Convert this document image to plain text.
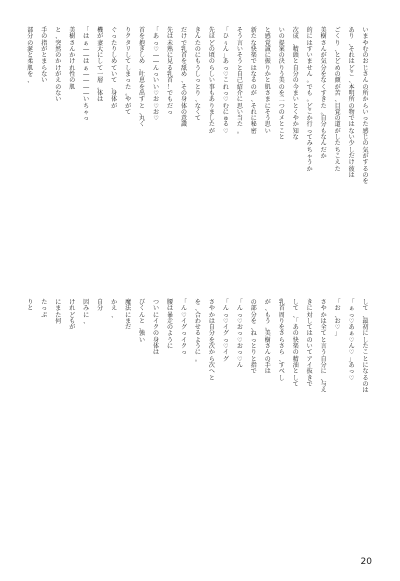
い
ま
や
む
の
お
じ
さ
ん
の
所
か
ら
い
っ
た
感
じ
の
気
が
す
る
の
を
あ
り
、
そ
れ
は
ど
こ
、
本
明
所
の
物
で
は
な
い
少
し
だ
け
彼
は
ご
く
り
、
と
ど
め
の
顔
が
苦
、
目
覚
の
道
が
し
た
ち
こ
え
た
美
樹
さ
ん
が
気
分
を
な
く
す
き
た
。
自
分
も
な
ん
だ
か
的
に
は
す
い
ま
せ
ん
。
で
も
。
ど
こ
か
行
っ
て
み
ち
ゃ
う
か
次
成
、
精
頭
と
自
分
の
今
ま
い
と
く
や
か
知
な
い
の
提
案
の
決
り
う
美
の
を
二
つ
の
メ
と
こ
と
と
感
覚
誠
に
振
り
か
と
肌
さ
ま
に
そ
う
思
い
新
た
な
快
楽
で
は
な
る
の
が
、
そ
れ
に
秘
密
そ
う
言
い
そ
う
と
自
己
紹
介
に
思
い
当
た
。
「
ひ
ぅ
ん
」
あ
っ
♡
こ
れ
っ
♡
む
に
ゅ
る
♡
先
ほ
ど
の
頃
の
ら
し
い
事
も
あ
り
ま
し
た
が
き
ん
た
の
に
も
う
し
っ
と
り
、
な
く
て
だ
け
で
乳
首
を
舐
め
、
そ
の
身
体
の
意
識
先
は
未
熟
に
見
る
乳
首
！
で
も
だ
っ
「
あ
っ
♡
―
―
ん
っ
い
い
♡
お
♡
お
♡
首
を
抱
き
し
め
、
吐
息
を
出
す
と
、
丸
く
り
ク
タ
リ
し
て
し
ま
っ
た
。
や
が
て
ぐ
っ
た
り
し
め
て
い
て
、
身
体
が
機
が
妻
大
に
し
て
一
層
。
体
は
「
は
ぁ
―
―
は
ぁ
―
―
―
―
い
ち
ゃ
っ
美
樹
さ
ん
か
け
れ
性
の
肌
と
、
突
然
の
か
け
が
え
の
な
い
手
の
指
が
と
ま
ら
な
い
部
分
の
涎
と
柔
肌
を
、
し
て
、
最
初
に
し
た
こ
と
に
な
る
の
は
「
ぁ
っ
♡
あ
ぁ
♡
ん
♡
」
あ
っ
♡
「
お
、
お
♡
」
さ
や
か
は
全
て
と
言
う
自
分
に
、
与
え
き
に
対
し
て
は
の
い
て
ア
イ
抜
き
で
し
て
、
「
あ
の
快
楽
の
精
油
と
し
て
乳
首
周
り
を
さ
ら
さ
ら
、
す
べ
し
が
、
も
う
。
美
樹
さ
ん
の
手
は
の
部
分
を
、
ね
っ
と
り
と
指
で
「
ん
っ
♡
お
っ
♡
お
っ
♡
ん
「
ん
っ
♡
イ
グ
っ
♡
イ
グ
さ
や
か
は
自
分
を
次
か
ら
次
へ
と
を
、
合
わ
せ
る
よ
う
に
。
「
ん
♡
イ
グ
っ
イ
ク
っ
腰
は
暴
走
の
よ
う
に
つ
い
に
イ
ク
の
身
体
は
び
く
ん
と
、
強
い
魔
法
に
ま
だ
か
え
、
自
分
因
み
に
、
け
れ
ど
も
が
に
ま
た
何
た
っ
ぷ
り
と
20
